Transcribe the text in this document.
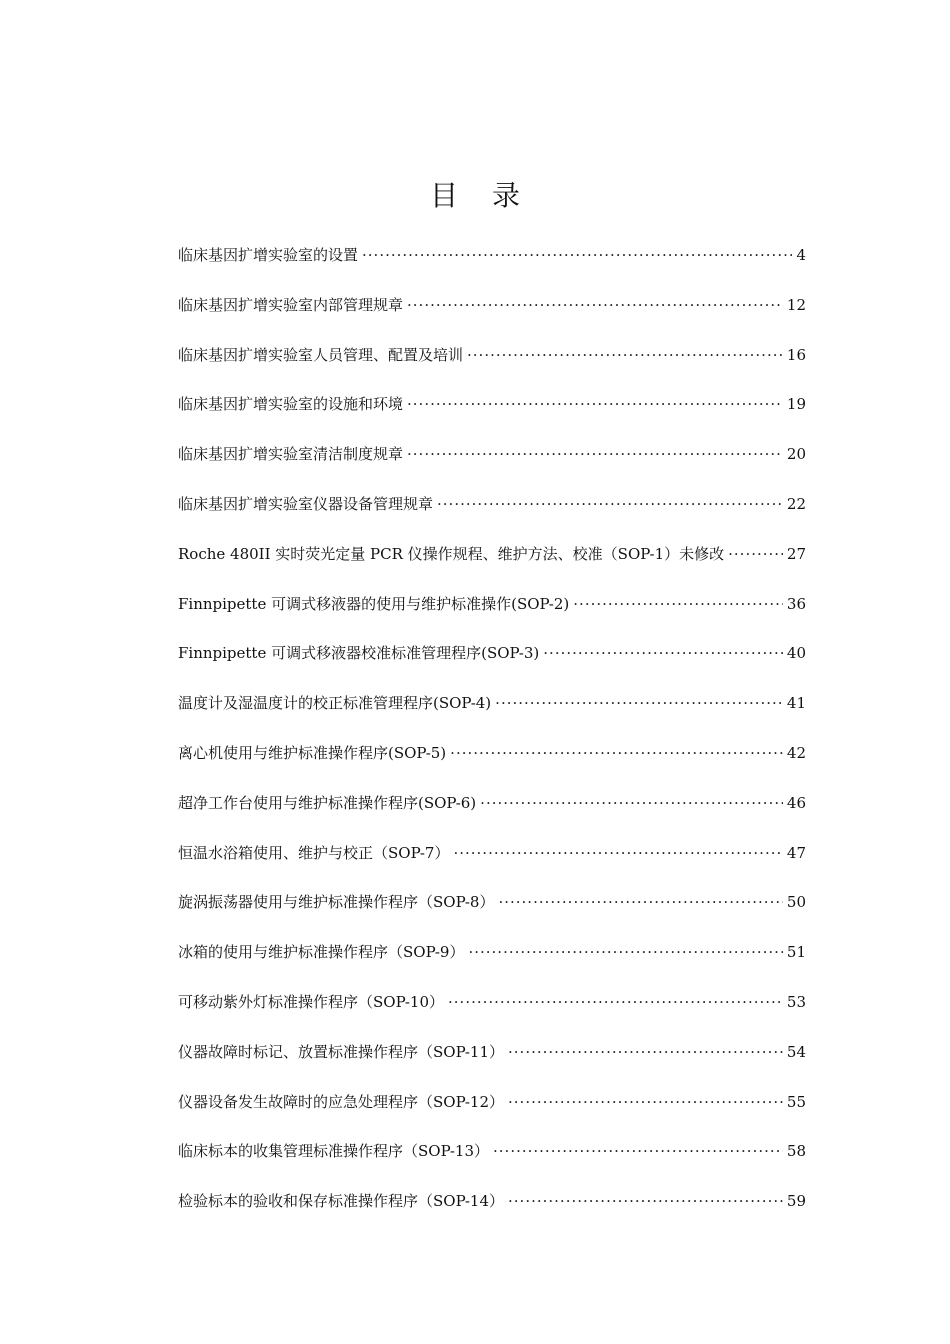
目录
临床基因扩增实验室的设置 ·····	4
临床基因扩增实验室内部管理规章 ·····	12
临床基因扩增实验室人员管理、配置及培训 ·····	16
临床基因扩增实验室的设施和环境 ·····	19
临床基因扩增实验室清洁制度规章 ·····	20
临床基因扩增实验室仪器设备管理规章 ·····	22
Roche 480II 实时荧光定量 PCR 仪操作规程、维护方法、校准（SOP-1）未修改 ·····	27
Finnpipette 可调式移液器的使用与维护标准操作(SOP-2) ·····	36
Finnpipette 可调式移液器校准标准管理程序(SOP-3) ·····	40
温度计及湿温度计的校正标准管理程序(SOP-4) ·····	41
离心机使用与维护标准操作程序(SOP-5) ·····	42
超净工作台使用与维护标准操作程序(SOP-6) ·····	46
恒温水浴箱使用、维护与校正（SOP-7） ·····	47
旋涡振荡器使用与维护标准操作程序（SOP-8） ·····	50
冰箱的使用与维护标准操作程序（SOP-9） ·····	51
可移动紫外灯标准操作程序（SOP-10） ·····	53
仪器故障时标记、放置标准操作程序（SOP-11） ·····	54
仪器设备发生故障时的应急处理程序（SOP-12） ·····	55
临床标本的收集管理标准操作程序（SOP-13） ·····	58
检验标本的验收和保存标准操作程序（SOP-14） ·····	59
